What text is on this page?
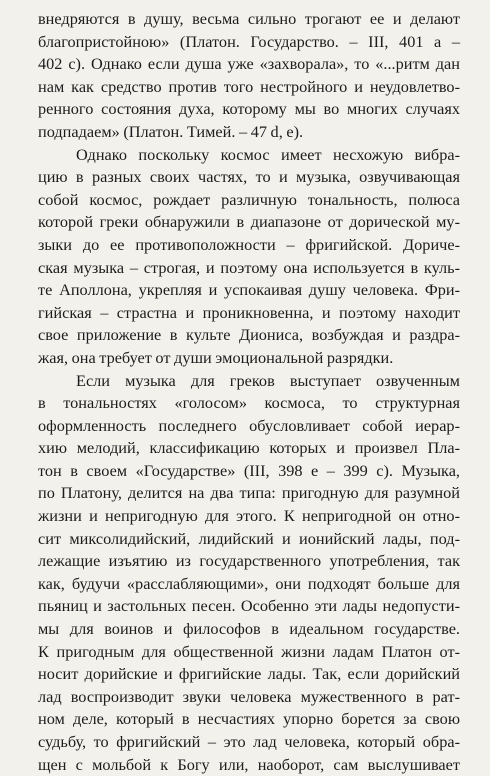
внедряются в душу, весьма сильно трогают ее и делают
благопристойною» (Платон. Государство. – III, 401 а –
402 с). Однако если душа уже «захворала», то «...ритм дан
нам как средство против того нестройного и неудовлетво-
ренного состояния духа, которому мы во многих случаях
подпадаем» (Платон. Тимей. – 47 d, е).

Однако поскольку космос имеет несхожую вибра-
цию в разных своих частях, то и музыка, озвучивающая
собой космос, рождает различную тональность, полюса
которой греки обнаружили в диапазоне от дорической му-
зыки до ее противоположности – фригийской. Дориче-
ская музыка – строгая, и поэтому она используется в куль-
те Аполлона, укрепляя и успокаивая душу человека. Фри-
гийская – страстна и проникновенна, и поэтому находит
свое приложение в культе Диониса, возбуждая и раздра-
жая, она требует от души эмоциональной разрядки.

Если музыка для греков выступает озвученным
в тональностях «голосом» космоса, то структурная
оформленность последнего обусловливает собой иерар-
хию мелодий, классификацию которых и произвел Пла-
тон в своем «Государстве» (III, 398 е – 399 с). Музыка,
по Платону, делится на два типа: пригодную для разумной
жизни и непригодную для этого. К непригодной он отно-
сит миксолидийский, лидийский и ионийский лады, под-
лежащие изъятию из государственного употребления, так
как, будучи «расслабляющими», они подходят больше для
пьяниц и застольных песен. Особенно эти лады недопусти-
мы для воинов и философов в идеальном государстве.
К пригодным для общественной жизни ладам Платон от-
носит дорийские и фригийские лады. Так, если дорийский
лад воспроизводит звуки человека мужественного в рат-
ном деле, который в несчастиях упорно борется за свою
судьбу, то фригийский – это лад человека, который обра-
щен с мольбой к Богу или, наоборот, сам выслушивает
